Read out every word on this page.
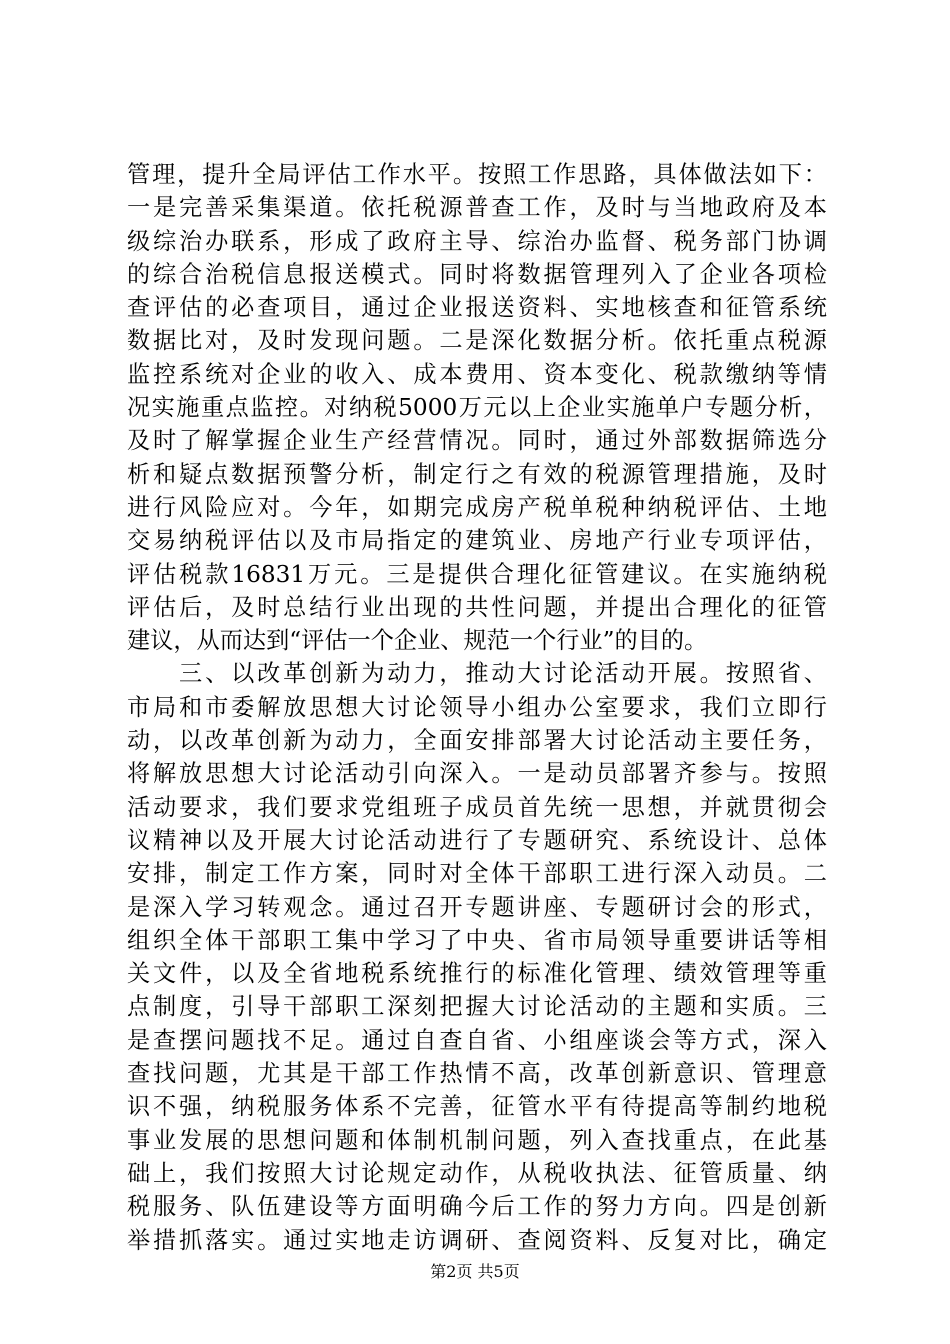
管理，提升全局评估工作水平。按照工作思路，具体做法如下：
一是完善采集渠道。依托税源普查工作，及时与当地政府及本
级综治办联系，形成了政府主导、综治办监督、税务部门协调
的综合治税信息报送模式。同时将数据管理列入了企业各项检
查评估的必查项目，通过企业报送资料、实地核查和征管系统
数据比对，及时发现问题。二是深化数据分析。依托重点税源
监控系统对企业的收入、成本费用、资本变化、税款缴纳等情
况实施重点监控。对纳税5000万元以上企业实施单户专题分析，
及时了解掌握企业生产经营情况。同时，通过外部数据筛选分
析和疑点数据预警分析，制定行之有效的税源管理措施，及时
进行风险应对。今年，如期完成房产税单税种纳税评估、土地
交易纳税评估以及市局指定的建筑业、房地产行业专项评估，
评估税款16831万元。三是提供合理化征管建议。在实施纳税
评估后，及时总结行业出现的共性问题，并提出合理化的征管
建议，从而达到“评估一个企业、规范一个行业”的目的。
　　三、以改革创新为动力，推动大讨论活动开展。按照省、
市局和市委解放思想大讨论领导小组办公室要求，我们立即行
动，以改革创新为动力，全面安排部署大讨论活动主要任务，
将解放思想大讨论活动引向深入。一是动员部署齐参与。按照
活动要求，我们要求党组班子成员首先统一思想，并就贯彻会
议精神以及开展大讨论活动进行了专题研究、系统设计、总体
安排，制定工作方案，同时对全体干部职工进行深入动员。二
是深入学习转观念。通过召开专题讲座、专题研讨会的形式，
组织全体干部职工集中学习了中央、省市局领导重要讲话等相
关文件，以及全省地税系统推行的标准化管理、绩效管理等重
点制度，引导干部职工深刻把握大讨论活动的主题和实质。三
是查摆问题找不足。通过自查自省、小组座谈会等方式，深入
查找问题，尤其是干部工作热情不高，改革创新意识、管理意
识不强，纳税服务体系不完善，征管水平有待提高等制约地税
事业发展的思想问题和体制机制问题，列入查找重点，在此基
础上，我们按照大讨论规定动作，从税收执法、征管质量、纳
税服务、队伍建设等方面明确今后工作的努力方向。四是创新
举措抓落实。通过实地走访调研、查阅资料、反复对比，确定
第2页 共5页
